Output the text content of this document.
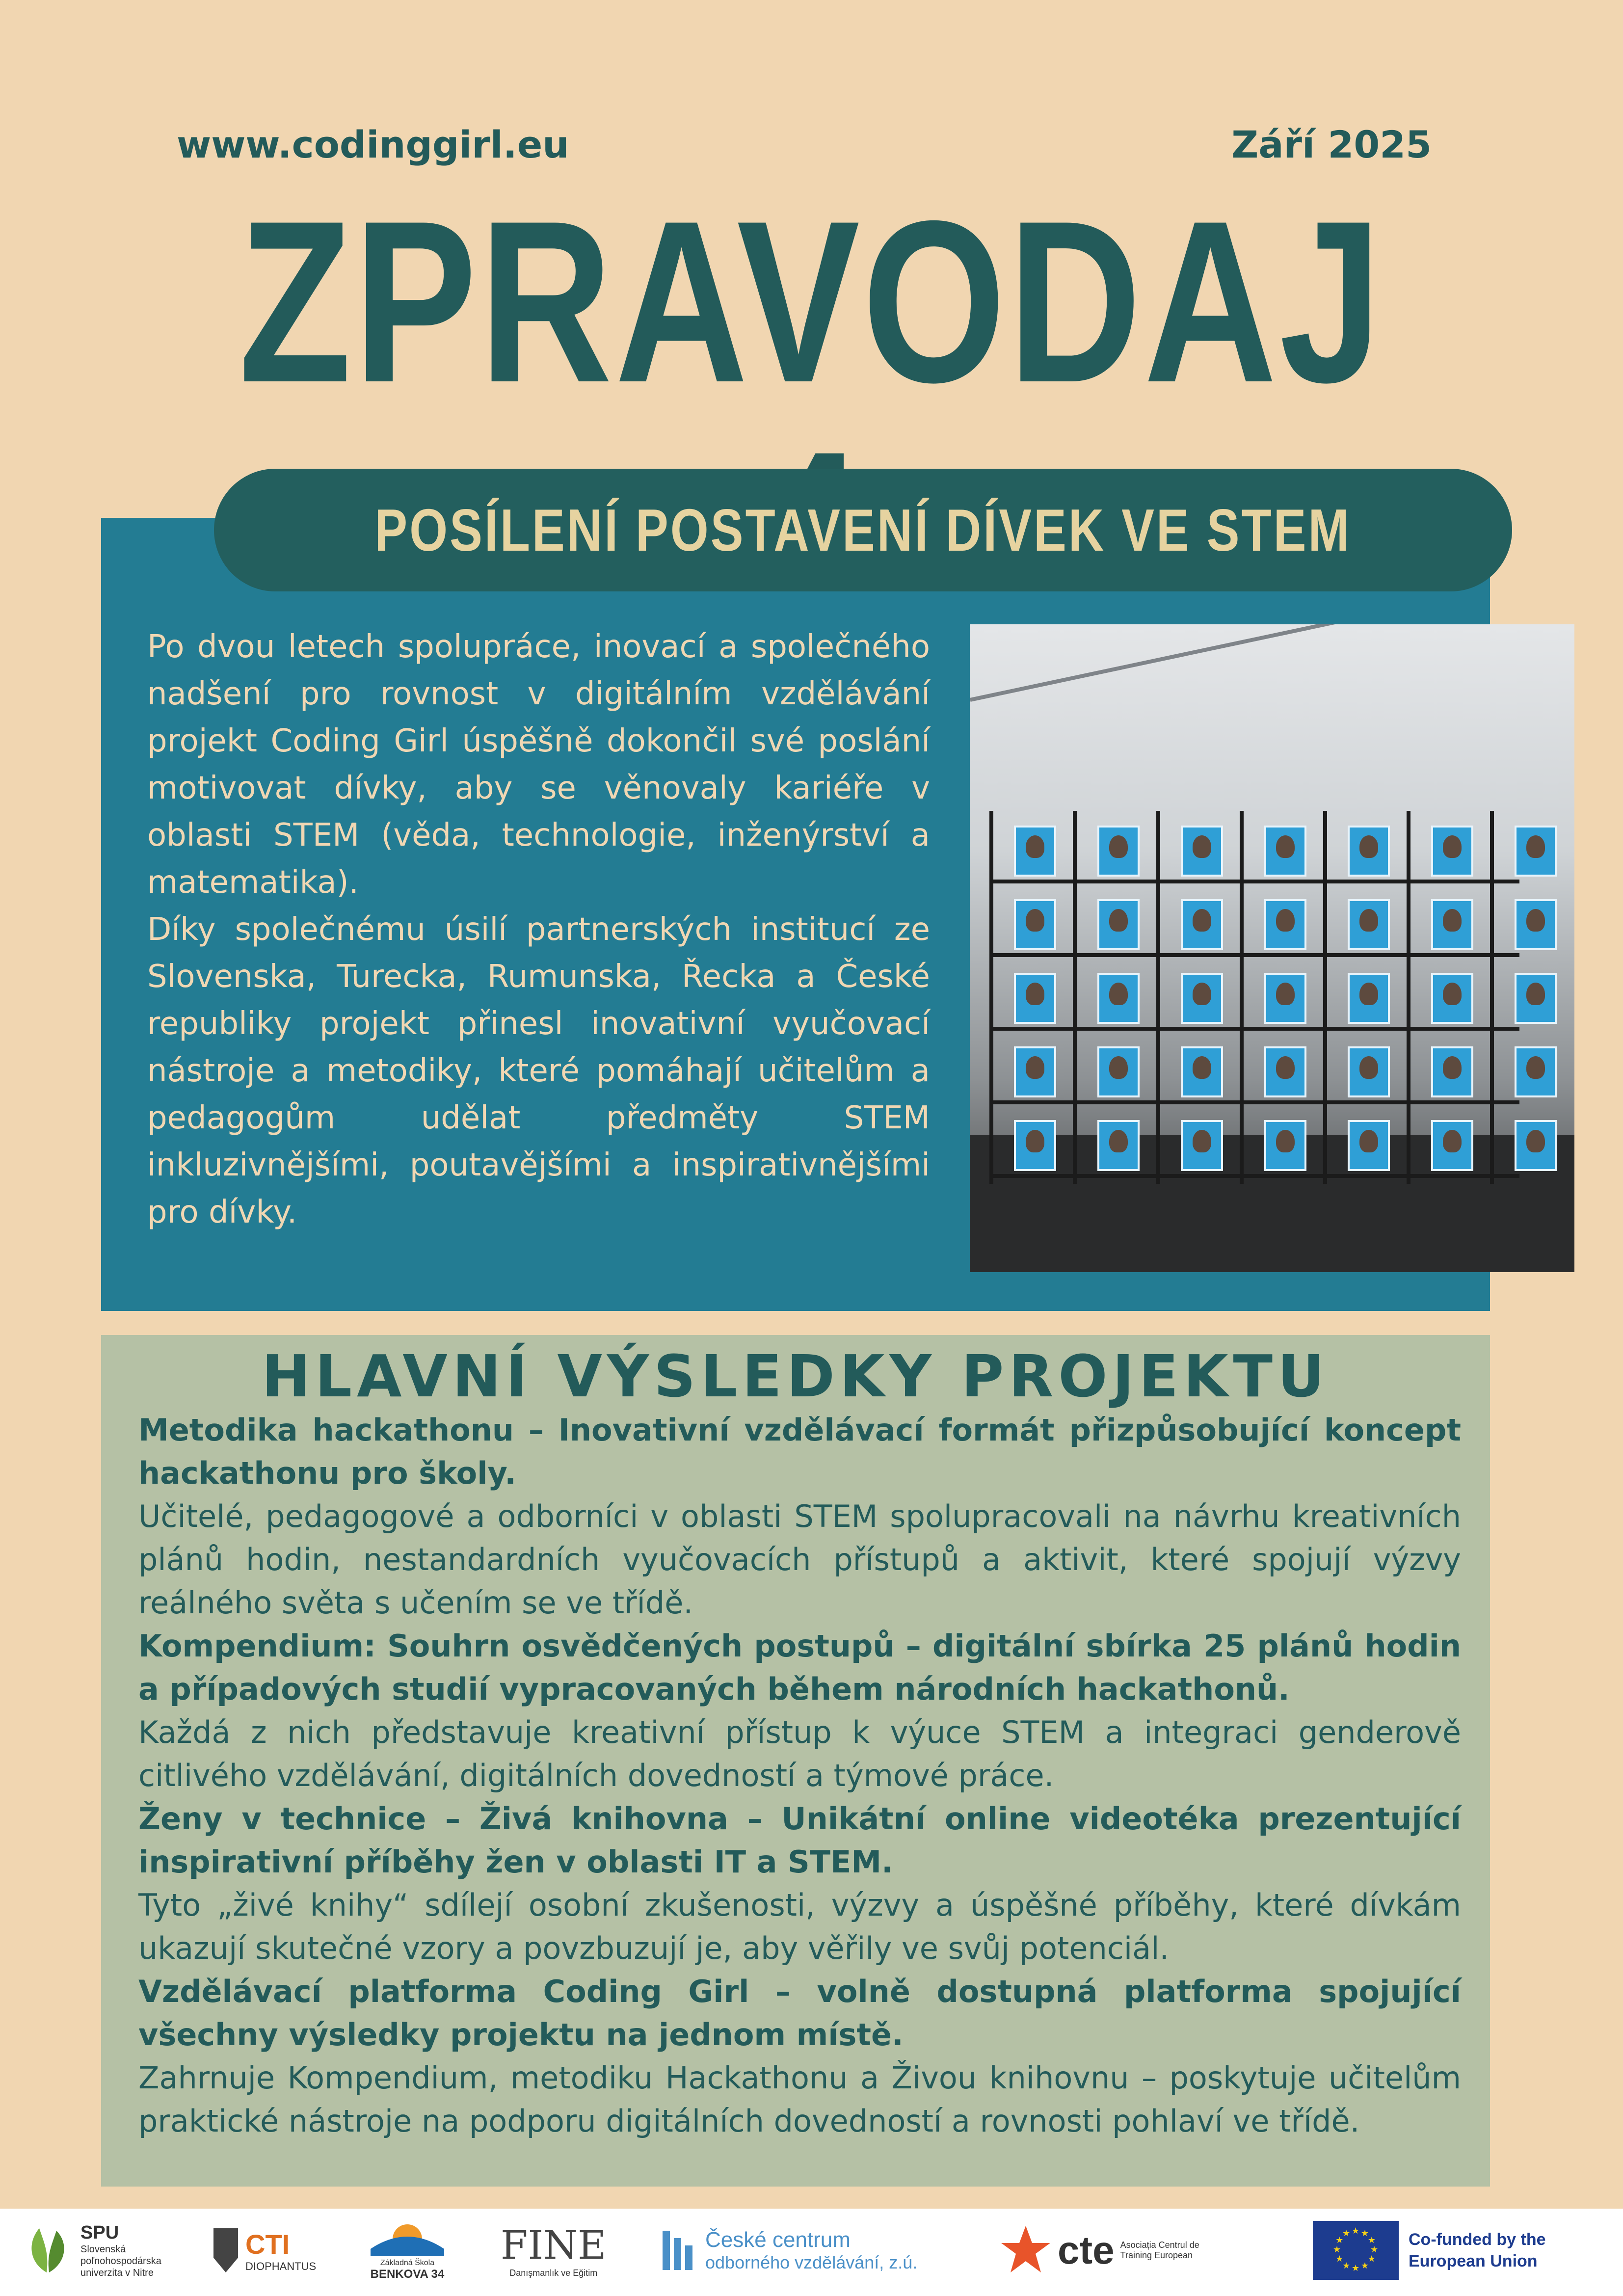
www.codinggirl.eu	Září 2025
ZPRAVODAJ
POSÍLENÍ POSTAVENÍ DÍVEK VE STEM

Po dvou letech spolupráce, inovací a společného nadšení pro rovnost v digitálním vzdělávání projekt Coding Girl úspěšně dokončil své poslání motivovat dívky, aby se věnovaly kariéře v oblasti STEM (věda, technologie, inženýrství a matematika).

Díky společnému úsilí partnerských institucí ze Slovenska, Turecka, Rumunska, Řecka a České republiky projekt přinesl inovativní vyučovací nástroje a metodiky, které pomáhají učitelům a pedagogům udělat předměty STEM inkluzivnějšími, poutavějšími a inspirativnějšími pro dívky.

HLAVNÍ VÝSLEDKY PROJEKTU

Metodika hackathonu – Inovativní vzdělávací formát přizpůsobující koncept hackathonu pro školy.

Učitelé, pedagogové a odborníci v oblasti STEM spolupracovali na návrhu kreativních plánů hodin, nestandardních vyučovacích přístupů a aktivit, které spojují výzvy reálného světa s učením se ve třídě.

Kompendium: Souhrn osvědčených postupů – digitální sbírka 25 plánů hodin a případových studií vypracovaných během národních hackathonů.

Každá z nich představuje kreativní přístup k výuce STEM a integraci genderově citlivého vzdělávání, digitálních dovedností a týmové práce.

Ženy v technice – Živá knihovna – Unikátní online videotéka prezentující inspirativní příběhy žen v oblasti IT a STEM.

Tyto „živé knihy“ sdílejí osobní zkušenosti, výzvy a úspěšné příběhy, které dívkám ukazují skutečné vzory a povzbuzují je, aby věřily ve svůj potenciál.

Vzdělávací platforma Coding Girl – volně dostupná platforma spojující všechny výsledky projektu na jednom místě.

Zahrnuje Kompendium, metodiku Hackathonu a Živou knihovnu – poskytuje učitelům praktické nástroje na podporu digitálních dovedností a rovnosti pohlaví ve třídě.

SPU
Slovenská poľnohospodárska univerzita v Nitre
CTI
DIOPHANTUS	Základná Škola
BENKOVA 34
FINE
Danışmanlık ve Eğitim
České centrum
odborného vzdělávání, z.ú.	cte Asociația Centrul de Training European
★
★
★
★
★
★
★
★
★ ★ ★
★ Co-funded by the European Union
